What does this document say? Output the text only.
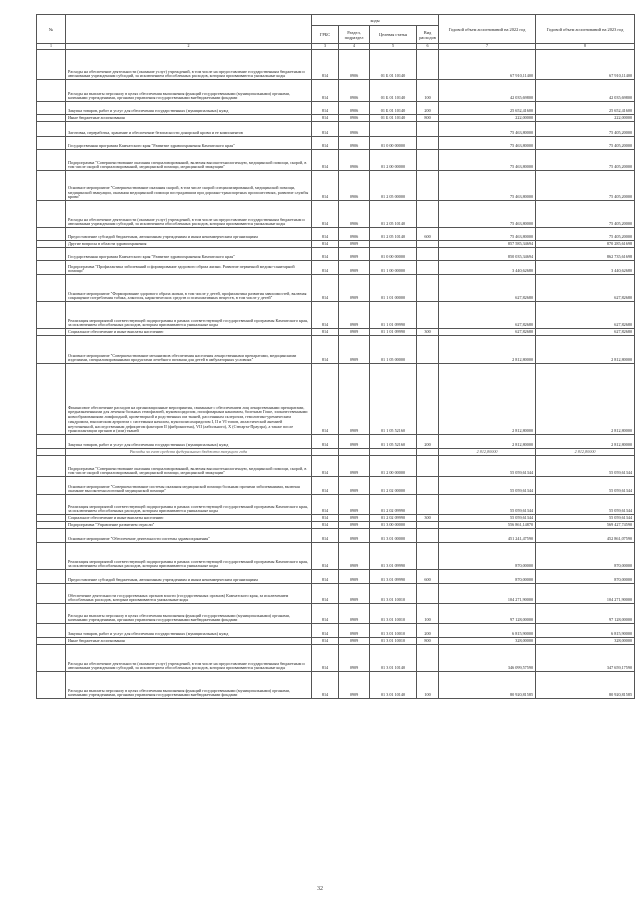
№		коды				Годовой объем ассигнований на 2022 год	Годовой объем ассигнований на 2023 год
		ГРБС	Раздел, подраздел	Целевая статья	Вид расходов		
1	2	3	4	5	6	7	8
	Расходы на обеспечение деятельности (оказание услуг) учреждений, в том числе на предоставление государственным бюджетным и автономным учреждениям субсидий, за исключением обособленных расходов, которым присваиваются уникальные коды	814	0906	01 Б 01 10140		67 910,11400	67 910,11400
	Расходы на выплаты персоналу в целях обеспечения выполнения функций государственными (муниципальными) органами, казенными учреждениями, органами управления государственными внебюджетными фондами	814	0906	01 Б 01 10140	100	42 035,69800	42 035,69800
	Закупка товаров, работ и услуг для обеспечения государственных (муниципальных) нужд	814	0906	01 Б 01 10140	200	25 652,41600	25 652,41600
	Иные бюджетные ассигнования	814	0906	01 Б 01 10140	800	222,00000	222,00000
	Заготовка, переработка, хранение и обеспечение безопасности донорской крови и ее компонентов	814	0906			75 463,80000	75 405,20000
	Государственная программа Камчатского края "Развитие здравоохранения Камчатского края"	814	0906	01 0 00 00000		75 463,80000	75 405,20000
	Подпрограмма "Совершенствование оказания специализированной, включая высокотехнологичную, медицинской помощи, скорой, в том числе скорой специализированной, медицинской помощи, медицинской эвакуации"	814	0906	01 2 00 00000		75 463,80000	75 405,20000
	Основное мероприятие "Совершенствование оказания скорой, в том числе скорой специализированной, медицинской помощи, медицинской эвакуации, оказания медицинской помощи пострадавшим при дорожно-транспортных происшествиях, развитие службы крови"	814	0906	01 2 05 00000		75 463,80000	75 405,20000
	Расходы на обеспечение деятельности (оказание услуг) учреждений, в том числе на предоставление государственным бюджетным и автономным учреждениям субсидий, за исключением обособленных расходов, которым присваиваются уникальные коды	814	0906	01 2 05 10140		75 463,80000	75 405,20000
	Предоставление субсидий бюджетным, автономным учреждениям и иным некоммерческим организациям	814	0906	01 2 05 10140	600	75 463,80000	75 405,20000
	Другие вопросы в области здравоохранения	814	0909			857 585,34694	870 285,61698
	Государственная программа Камчатского края "Развитие здравоохранения Камчатского края"	814	0909	01 0 00 00000		850 035,34694	862 735,61698
	Подпрограмма "Профилактика заболеваний и формирование здорового образа жизни. Развитие первичной медико-санитарной помощи"	814	0909	01 1 00 00000		3 440,62680	3 440,62680
	Основное мероприятие "Формирование здорового образа жизни, в том числе у детей, профилактика развития зависимостей, включая сокращение потребления табака, алкоголя, наркотических средств и психоактивных веществ, в том числе у детей"	814	0909	01 1 01 00000		627,82680	627,82680
	Реализация мероприятий соответствующей подпрограммы в рамках соответствующей государственной программы Камчатского края, за исключением обособленных расходов, которым присваиваются уникальные коды	814	0909	01 1 01 09990		627,82680	627,82680
	Социальное обеспечение и иные выплаты населению	814	0909	01 1 01 09990	300	627,82680	627,82680
	Основное мероприятие "Совершенствование механизмов обеспечения населения лекарственными препаратами, медицинскими изделиями, специализированными продуктами лечебного питания для детей в амбулаторных условиях"	814	0909	01 1 05 00000		2 812,80000	2 812,80000
	Финансовое обеспечение расходов на организационные мероприятия, связанные с обеспечением лиц лекарственными препаратами, предназначенными для лечения больных гемофилией, муковисцидозом, гипофизарным нанизмом, болезнью Гоше, злокачественными новообразованиями лимфоидной, кроветворной и родственных им тканей, рассеянным склерозом, гемолитико-уремическим синдромом, юношеским артритом с системным началом, мукополисахаридозом I, II и VI типов, апластической анемией неуточненной, наследственным дефицитом факторов II (фибриногена), VII (лабильного), X (Стюарта-Прауэра), а также после трансплантации органов и (или) тканей	814	0909	01 1 05 52160		2 812,80000	2 812,80000
	Закупка товаров, работ и услуг для обеспечения государственных (муниципальных) нужд	814	0909	01 1 05 52160	200	2 812,80000	2 812,80000
	Расходы за счет средств федерального бюджета текущего года					2 812,80000	2 812,80000
	Подпрограмма "Совершенствование оказания специализированной, включая высокотехнологичную, медицинской помощи, скорой, в том числе скорой специализированной, медицинской помощи, медицинской эвакуации"	814	0909	01 2 00 00000		55 059,61344	55 059,61344
	Основное мероприятие "Совершенствование системы оказания медицинской помощи больным прочими заболеваниями, включая оказание высокотехнологичной медицинской помощи"	814	0909	01 2 02 00000		55 059,61344	55 059,61344
	Реализация мероприятий соответствующей подпрограммы в рамках соответствующей государственной программы Камчатского края, за исключением обособленных расходов, которым присваиваются уникальные коды	814	0909	01 2 02 09990		55 059,61344	55 059,61344
	Социальное обеспечение и иные выплаты населению	814	0909	01 2 02 09990	300	55 059,61344	55 059,61344
	Подпрограмма "Управление развитием отрасли"	814	0909	01 3 00 00000		556 861,14870	569 427,74590
	Основное мероприятие "Обеспечение деятельности системы здравоохранения"	814	0909	01 3 01 00000		451 241,47590	452 861,07590
	Реализация мероприятий соответствующей подпрограммы в рамках соответствующей государственной программы Камчатского края, за исключением обособленных расходов, которым присваиваются уникальные коды	814	0909	01 3 01 09990		870,00000	870,00000
	Предоставление субсидий бюджетным, автономным учреждениям и иным некоммерческим организациям	814	0909	01 3 01 09990	600	870,00000	870,00000
	Обеспечение деятельности государственных органов власти (государственных органов) Камчатского края, за исключением обособленных расходов, которым присваиваются уникальные коды	814	0909	01 3 01 10010		104 271,90000	104 271,90000
	Расходы на выплаты персоналу в целях обеспечения выполнения функций государственными (муниципальными) органами, казенными учреждениями, органами управления государственными внебюджетными фондами	814	0909	01 3 01 10010	100	97 128,00000	97 128,00000
	Закупка товаров, работ и услуг для обеспечения государственных (муниципальных) нужд	814	0909	01 3 01 10010	200	6 815,90000	6 815,90000
	Иные бюджетные ассигнования	814	0909	01 3 01 10010	800	328,00000	328,00000
	Расходы на обеспечение деятельности (оказание услуг) учреждений, в том числе на предоставление государственным бюджетным и автономным учреждениям субсидий, за исключением обособленных расходов, которым присваиваются уникальные коды	814	0909	01 3 01 10140		346 099,57590	347 659,17590
	Расходы на выплаты персоналу в целях обеспечения выполнения функций государственными (муниципальными) органами, казенными учреждениями, органами управления государственными внебюджетными фондами	814	0909	01 3 01 10140	100	80 920,81585	80 920,81585
32
